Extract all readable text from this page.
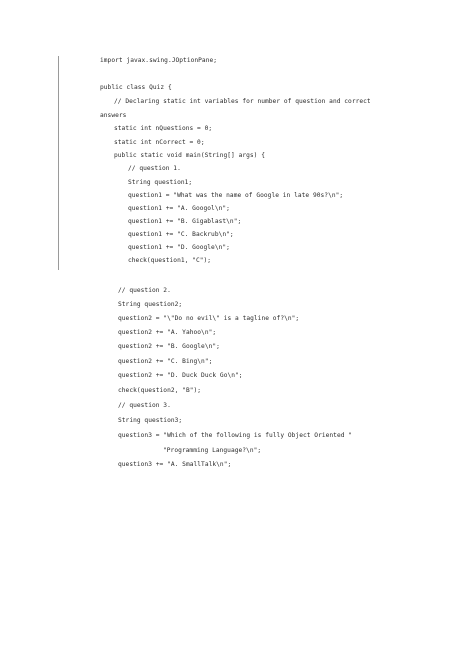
import javax.swing.JOptionPane;
public class Quiz {
// Declaring static int variables for number of question and correct
answers
static int nQuestions = 0;
static int nCorrect = 0;
public static void main(String[] args) {
// question 1.
String question1;
question1 = "What was the name of Google in late 90s?\n";
question1 += "A. Googol\n";
question1 += "B. Gigablast\n";
question1 += "C. Backrub\n";
question1 += "D. Google\n";
check(question1, "C");
// question 2.
String question2;
question2 = "\"Do no evil\" is a tagline of?\n";
question2 += "A. Yahoo\n";
question2 += "B. Google\n";
question2 += "C. Bing\n";
question2 += "D. Duck Duck Go\n";
check(question2, "B");
// question 3.
String question3;
question3 = "Which of the following is fully Object Oriented "
"Programming Language?\n";
question3 += "A. SmallTalk\n";
